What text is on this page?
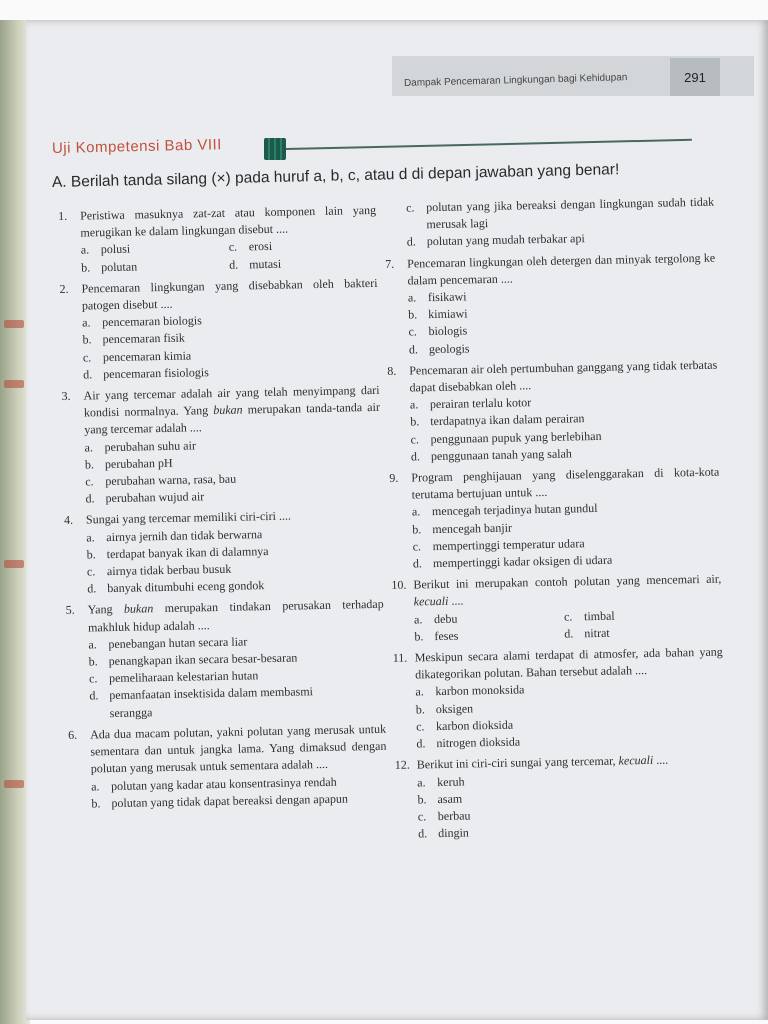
Dampak Pencemaran Lingkungan bagi Kehidupan	291
Uji Kompetensi Bab VIII
A. Berilah tanda silang (×) pada huruf a, b, c, atau d di depan jawaban yang benar!
1.	Peristiwa masuknya zat-zat atau komponen lain yang merugikan ke dalam lingkungan disebut ....
a. polusi	c. erosi
b. polutan	d. mutasi
2.	Pencemaran lingkungan yang disebabkan oleh bakteri patogen disebut ....
a. pencemaran biologis
b. pencemaran fisik
c. pencemaran kimia
d. pencemaran fisiologis
3.	Air yang tercemar adalah air yang telah menyimpang dari kondisi normalnya. Yang bukan merupakan tanda-tanda air yang tercemar adalah ....
a. perubahan suhu air
b. perubahan pH
c. perubahan warna, rasa, bau
d. perubahan wujud air
4.	Sungai yang tercemar memiliki ciri-ciri ....
a. airnya jernih dan tidak berwarna
b. terdapat banyak ikan di dalamnya
c. airnya tidak berbau busuk
d. banyak ditumbuhi eceng gondok
5.	Yang bukan merupakan tindakan perusakan terhadap makhluk hidup adalah ....
a. penebangan hutan secara liar
b. penangkapan ikan secara besar-besaran
c. pemeliharaan kelestarian hutan
d. pemanfaatan insektisida dalam membasmi
serangga
6.	Ada dua macam polutan, yakni polutan yang merusak untuk sementara dan untuk jangka lama. Yang dimaksud dengan polutan yang merusak untuk sementara adalah ....
a. polutan yang kadar atau konsentrasinya rendah
b. polutan yang tidak dapat bereaksi dengan apapun
c. polutan yang jika bereaksi dengan lingkungan sudah tidak merusak lagi
d. polutan yang mudah terbakar api
7.	Pencemaran lingkungan oleh detergen dan minyak tergolong ke dalam pencemaran ....
a. fisikawi
b. kimiawi
c. biologis
d. geologis
8.	Pencemaran air oleh pertumbuhan ganggang yang tidak terbatas dapat disebabkan oleh ....
a. perairan terlalu kotor
b. terdapatnya ikan dalam perairan
c. penggunaan pupuk yang berlebihan
d. penggunaan tanah yang salah
9.	Program penghijauan yang diselenggarakan di kota-kota terutama bertujuan untuk ....
a. mencegah terjadinya hutan gundul
b. mencegah banjir
c. mempertinggi temperatur udara
d. mempertinggi kadar oksigen di udara
10. Berikut ini merupakan contoh polutan yang mencemari air, kecuali ....
a. debu	c. timbal
b. feses	d. nitrat
11. Meskipun secara alami terdapat di atmosfer, ada bahan yang dikategorikan polutan. Bahan tersebut adalah ....
a. karbon monoksida
b. oksigen
c. karbon dioksida
d. nitrogen dioksida
12. Berikut ini ciri-ciri sungai yang tercemar, kecuali ....
a. keruh
b. asam
c. berbau
d. dingin
